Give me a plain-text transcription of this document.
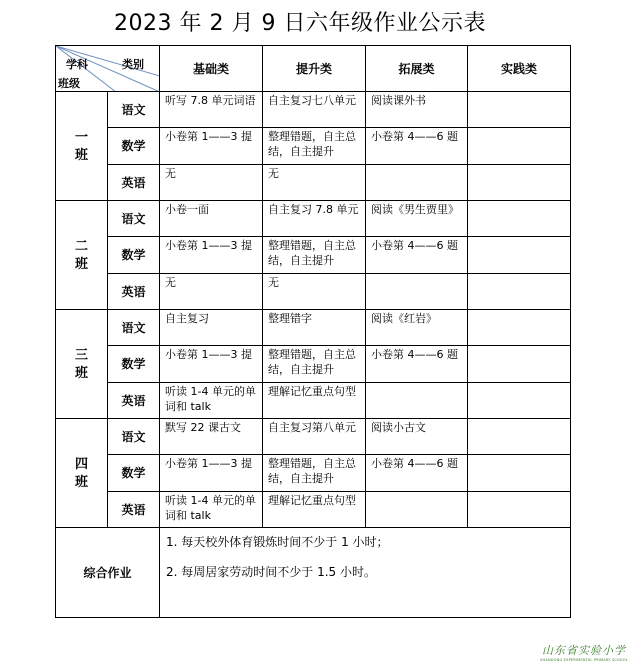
2023 年 2 月 9 日六年级作业公示表
类别
学科
班级		基础类	提升类	拓展类	实践类
一班	语文	听写 7.8 单元词语	自主复习七八单元	阅读课外书	
	数学	小卷第 1——3 提	整理错题，自主总结，自主提升	小卷第 4——6 题	
	英语	无	无		
二班	语文	小卷一面	自主复习 7.8 单元	阅读《男生贾里》	
	数学	小卷第 1——3 提	整理错题，自主总结，自主提升	小卷第 4——6 题	
	英语	无	无		
三班	语文	自主复习	整理错字	阅读《红岩》	
	数学	小卷第 1——3 提	整理错题，自主总结，自主提升	小卷第 4——6 题	
	英语	听读 1-4 单元的单词和 talk	理解记忆重点句型		
四班	语文	默写 22 课古文	自主复习第八单元	阅读小古文	
	数学	小卷第 1——3 提	整理错题，自主总结，自主提升	小卷第 4——6 题	
	英语	听读 1-4 单元的单词和 talk	理解记忆重点句型		
综合作业		1. 每天校外体育锻炼时间不少于 1 小时；
2. 每周居家劳动时间不少于 1.5 小时。			
山东省实验小学
SHANDONG EXPERIMENTAL PRIMARY SCHOOL
